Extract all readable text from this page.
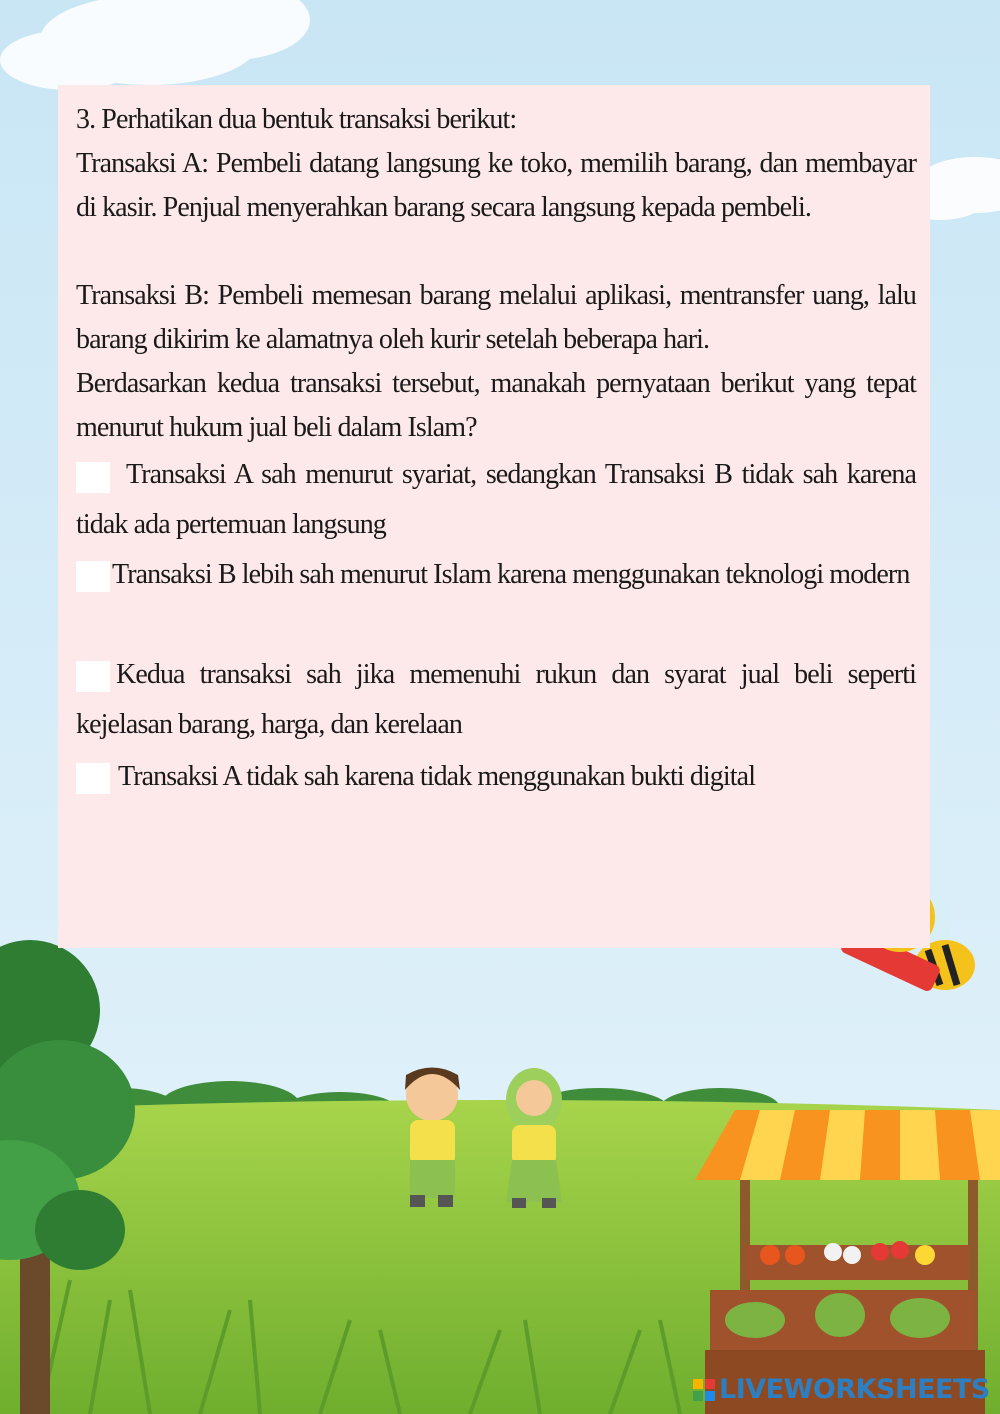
3. Perhatikan dua bentuk transaksi berikut:

Transaksi A: Pembeli datang langsung ke toko, memilih barang, dan membayar di kasir. Penjual menyerahkan barang secara langsung kepada pembeli.

Transaksi B: Pembeli memesan barang melalui aplikasi, mentransfer uang, lalu barang dikirim ke alamatnya oleh kurir setelah beberapa hari.

Berdasarkan kedua transaksi tersebut, manakah pernyataan berikut yang tepat menurut hukum jual beli dalam Islam?

Transaksi A sah menurut syariat, sedangkan Transaksi B tidak sah karena tidak ada pertemuan langsung

Transaksi B lebih sah menurut Islam karena menggunakan teknologi modern

Kedua transaksi sah jika memenuhi rukun dan syarat jual beli seperti kejelasan barang, harga, dan kerelaan

Transaksi A tidak sah karena tidak menggunakan bukti digital

LIVEWORKSHEETS
